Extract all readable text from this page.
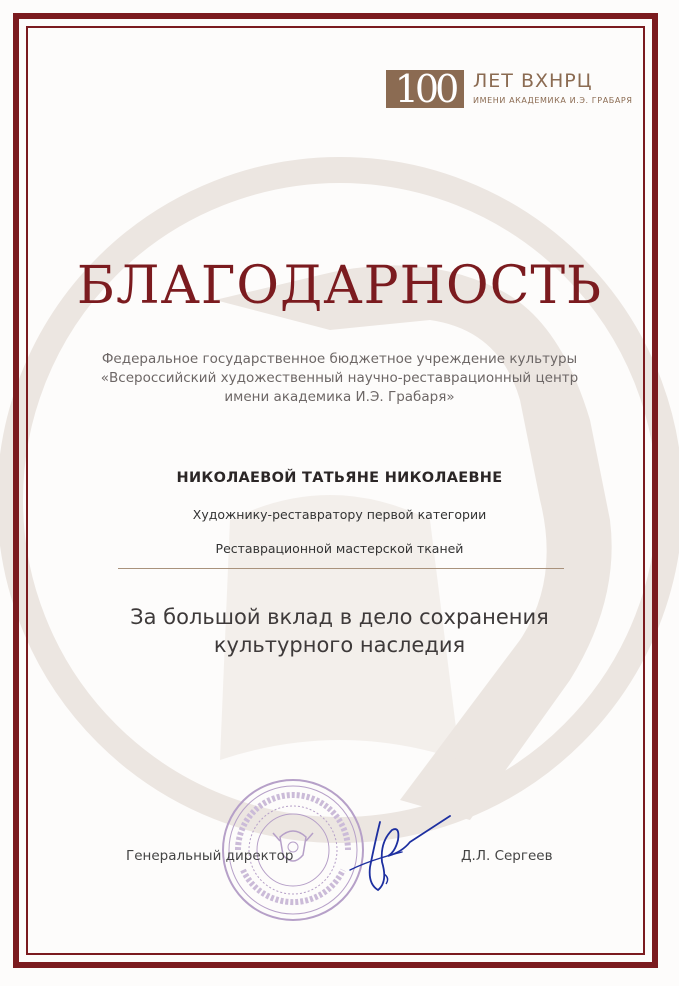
100 ЛЕТ ВХНРЦ
ИМЕНИ АКАДЕМИКА И.Э. ГРАБАРЯ
БЛАГОДАРНОСТЬ
Федеральное государственное бюджетное учреждение культуры
«Всероссийский художественный научно-реставрационный центр
имени академика И.Э. Грабаря»
НИКОЛАЕВОЙ ТАТЬЯНЕ НИКОЛАЕВНЕ
Художнику-реставратору первой категории
Реставрационной мастерской тканей
За большой вклад в дело сохранения
культурного наследия
Генеральный директор	Д.Л. Сергеев
